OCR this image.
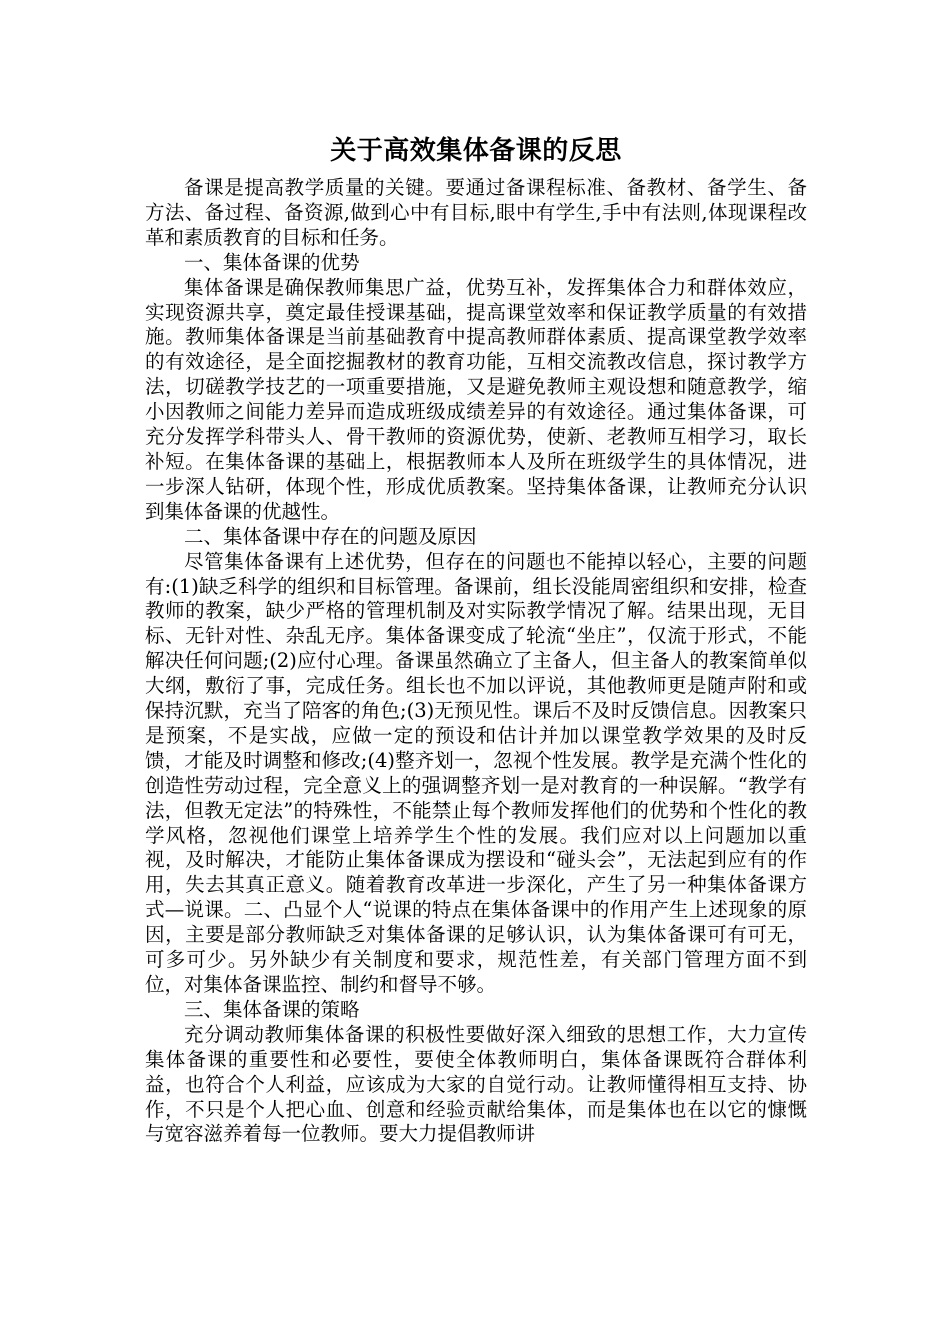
关于高效集体备课的反思

备课是提高教学质量的关键。要通过备课程标准、备教材、备学生、备方法、备过程、备资源,做到心中有目标,眼中有学生,手中有法则,体现课程改革和素质教育的目标和任务。

一、集体备课的优势

集体备课是确保教师集思广益，优势互补，发挥集体合力和群体效应，实现资源共享，奠定最佳授课基础，提高课堂效率和保证教学质量的有效措施。教师集体备课是当前基础教育中提高教师群体素质、提高课堂教学效率的有效途径，是全面挖掘教材的教育功能，互相交流教改信息，探讨教学方法，切磋教学技艺的一项重要措施，又是避免教师主观设想和随意教学，缩小因教师之间能力差异而造成班级成绩差异的有效途径。通过集体备课，可充分发挥学科带头人、骨干教师的资源优势，使新、老教师互相学习，取长补短。在集体备课的基础上，根据教师本人及所在班级学生的具体情况，进一步深人钻研，体现个性，形成优质教案。坚持集体备课，让教师充分认识到集体备课的优越性。

二、集体备课中存在的问题及原因

尽管集体备课有上述优势，但存在的问题也不能掉以轻心，主要的问题有:(1)缺乏科学的组织和目标管理。备课前，组长没能周密组织和安排，检查教师的教案，缺少严格的管理机制及对实际教学情况了解。结果出现，无目标、无针对性、杂乱无序。集体备课变成了轮流“坐庄”，仅流于形式，不能解决任何问题;(2)应付心理。备课虽然确立了主备人，但主备人的教案简单似大纲，敷衍了事，完成任务。组长也不加以评说，其他教师更是随声附和或保持沉默，充当了陪客的角色;(3)无预见性。课后不及时反馈信息。因教案只是预案，不是实战，应做一定的预设和估计并加以课堂教学效果的及时反馈，才能及时调整和修改;(4)整齐划一，忽视个性发展。教学是充满个性化的创造性劳动过程，完全意义上的强调整齐划一是对教育的一种误解。“教学有法，但教无定法”的特殊性，不能禁止每个教师发挥他们的优势和个性化的教学风格，忽视他们课堂上培养学生个性的发展。我们应对以上问题加以重视，及时解决，才能防止集体备课成为摆设和“碰头会”，无法起到应有的作用，失去其真正意义。随着教育改革进一步深化，产生了另一种集体备课方式—说课。二、凸显个人“说课的特点在集体备课中的作用产生上述现象的原因，主要是部分教师缺乏对集体备课的足够认识，认为集体备课可有可无，可多可少。另外缺少有关制度和要求，规范性差，有关部门管理方面不到位，对集体备课监控、制约和督导不够。

三、集体备课的策略

充分调动教师集体备课的积极性要做好深入细致的思想工作，大力宣传集体备课的重要性和必要性，要使全体教师明白，集体备课既符合群体利益，也符合个人利益，应该成为大家的自觉行动。让教师懂得相互支持、协作，不只是个人把心血、创意和经验贡献给集体，而是集体也在以它的慷慨与宽容滋养着每一位教师。要大力提倡教师讲
